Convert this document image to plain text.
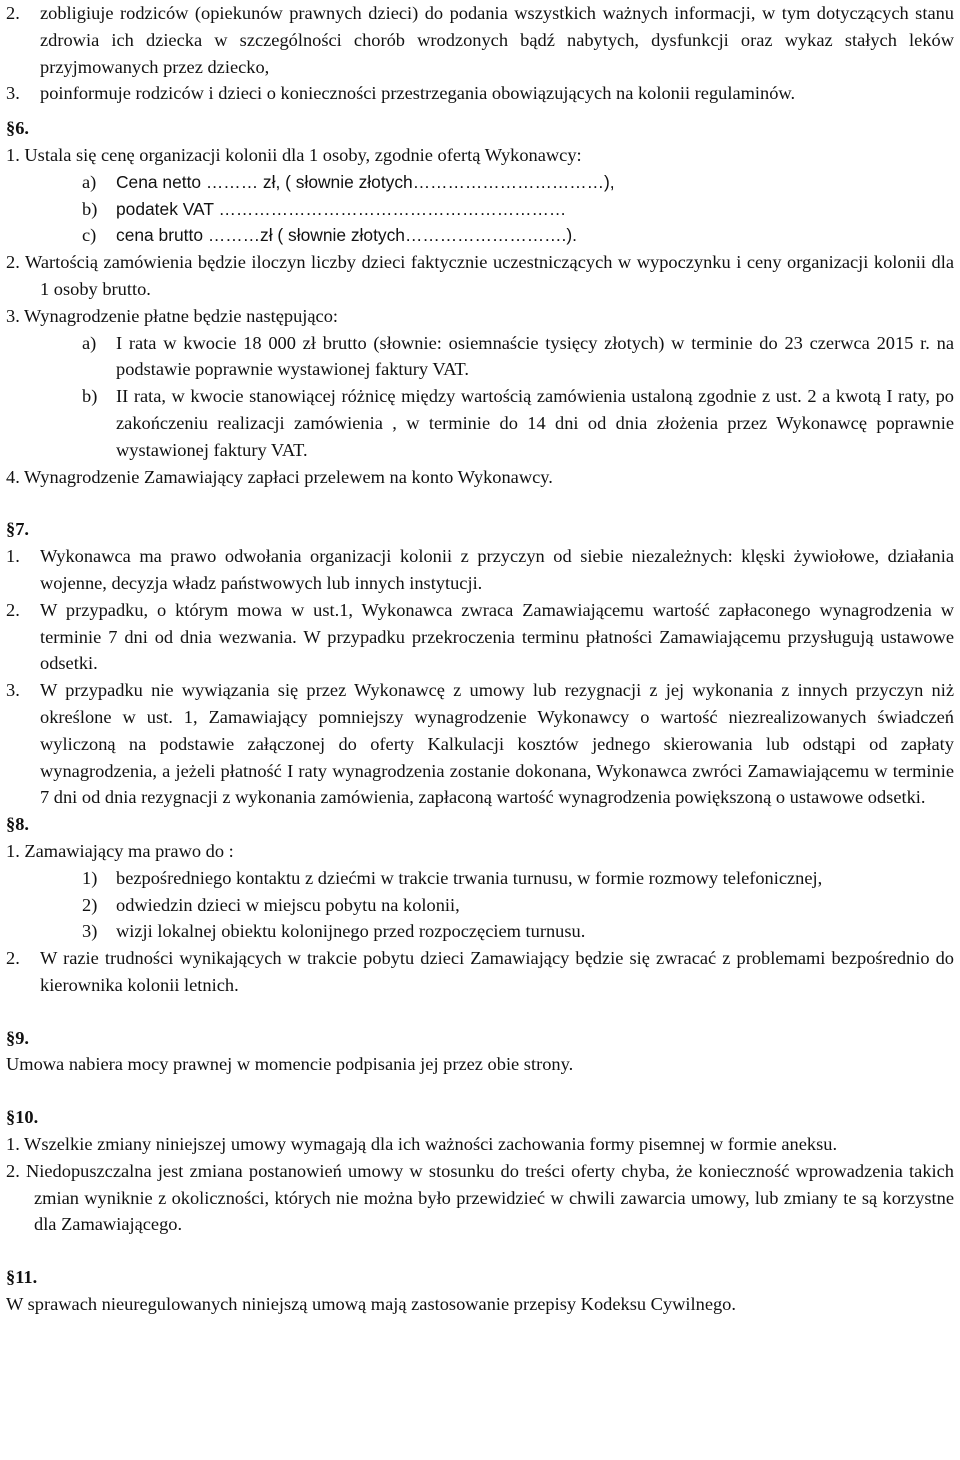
2.	zobligiuje rodziców (opiekunów prawnych dzieci) do podania wszystkich ważnych informacji, w tym dotyczących stanu zdrowia ich dziecka w szczególności chorób wrodzonych bądź nabytych, dysfunkcji oraz wykaz stałych leków przyjmowanych przez dziecko,
3.	poinformuje rodziców i dzieci o konieczności przestrzegania obowiązujących na kolonii regulaminów.
§6.
1. Ustala się cenę organizacji kolonii dla 1 osoby, zgodnie ofertą Wykonawcy:
a)	Cena netto ……… zł, ( słownie złotych……………………………),
b)	podatek VAT ……………………………………………………
c)	cena brutto ………zł ( słownie złotych……………………….).
2. Wartością zamówienia będzie iloczyn liczby dzieci faktycznie uczestniczących w wypoczynku i ceny organizacji kolonii dla 1 osoby brutto.
3. Wynagrodzenie płatne będzie następująco:
a)	I rata w kwocie 18 000 zł brutto (słownie: osiemnaście tysięcy złotych) w terminie do 23 czerwca 2015 r. na podstawie poprawnie wystawionej faktury VAT.
b)	II rata, w kwocie stanowiącej różnicę między wartością zamówienia ustaloną zgodnie z ust. 2 a kwotą I raty, po zakończeniu realizacji zamówienia , w terminie do 14 dni od dnia złożenia przez Wykonawcę poprawnie wystawionej faktury VAT.
4. Wynagrodzenie Zamawiający zapłaci przelewem na konto Wykonawcy.
§7.
1.	Wykonawca ma prawo odwołania organizacji kolonii z przyczyn od siebie niezależnych: klęski żywiołowe, działania wojenne, decyzja władz państwowych lub innych instytucji.
2.	W przypadku, o którym mowa w ust.1, Wykonawca zwraca Zamawiającemu wartość zapłaconego wynagrodzenia w terminie 7 dni od dnia wezwania. W przypadku przekroczenia terminu płatności Zamawiającemu przysługują ustawowe odsetki.
3.	W przypadku nie wywiązania się przez Wykonawcę z umowy lub rezygnacji z jej wykonania z innych przyczyn niż określone w ust. 1, Zamawiający pomniejszy wynagrodzenie Wykonawcy o wartość niezrealizowanych świadczeń wyliczoną na podstawie załączonej do oferty Kalkulacji kosztów jednego skierowania lub odstąpi od zapłaty wynagrodzenia, a jeżeli płatność I raty wynagrodzenia zostanie dokonana, Wykonawca zwróci Zamawiającemu w terminie 7 dni od dnia rezygnacji z wykonania zamówienia, zapłaconą wartość wynagrodzenia powiększoną o ustawowe odsetki.
§8.
1. Zamawiający ma prawo do :
1)	bezpośredniego kontaktu z dziećmi w trakcie trwania turnusu, w formie rozmowy telefonicznej,
2)	odwiedzin dzieci w miejscu pobytu na kolonii,
3)	wizji lokalnej obiektu kolonijnego przed rozpoczęciem turnusu.
2.	W razie trudności wynikających w trakcie pobytu dzieci Zamawiający będzie się zwracać z problemami bezpośrednio do kierownika kolonii letnich.
§9.
Umowa nabiera mocy prawnej w momencie podpisania jej przez obie strony.
§10.
1. Wszelkie zmiany niniejszej umowy wymagają dla ich ważności zachowania formy pisemnej w formie aneksu.
2. Niedopuszczalna jest zmiana postanowień umowy w stosunku do treści oferty chyba, że konieczność wprowadzenia takich zmian wyniknie z okoliczności, których nie można było przewidzieć w chwili zawarcia umowy, lub zmiany te są korzystne dla Zamawiającego.
§11.
W sprawach nieuregulowanych niniejszą umową mają zastosowanie przepisy Kodeksu Cywilnego.
